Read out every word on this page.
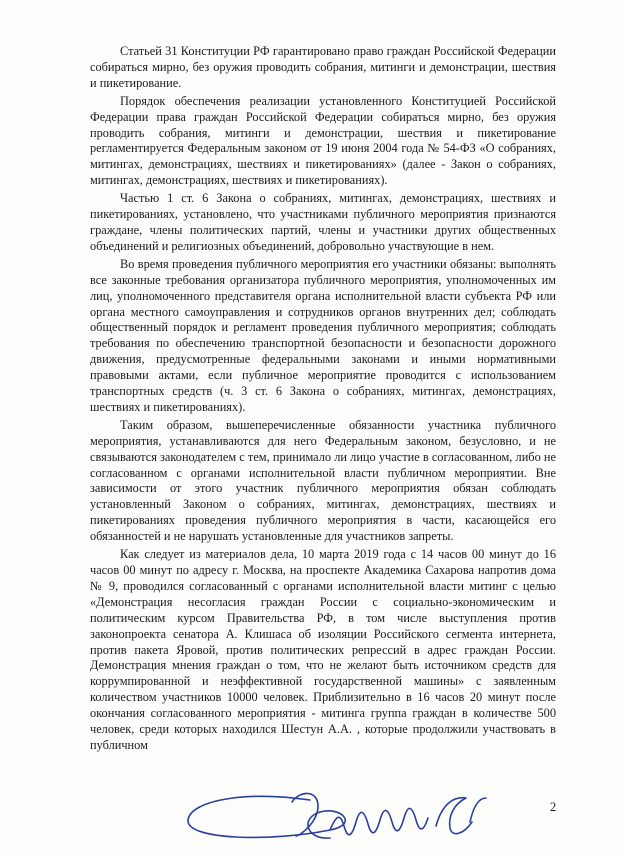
Статьей 31 Конституции РФ гарантировано право граждан Российской Федерации собираться мирно, без оружия проводить собрания, митинги и демонстрации, шествия и пикетирование.

Порядок обеспечения реализации установленного Конституцией Российской Федерации права граждан Российской Федерации собираться мирно, без оружия проводить собрания, митинги и демонстрации, шествия и пикетирование регламентируется Федеральным законом от 19 июня 2004 года № 54-ФЗ «О собраниях, митингах, демонстрациях, шествиях и пикетированиях» (далее - Закон о собраниях, митингах, демонстрациях, шествиях и пикетированиях).

Частью 1 ст. 6 Закона о собраниях, митингах, демонстрациях, шествиях и пикетированиях, установлено, что участниками публичного мероприятия признаются граждане, члены политических партий, члены и участники других общественных объединений и религиозных объединений, добровольно участвующие в нем.

Во время проведения публичного мероприятия его участники обязаны: выполнять все законные требования организатора публичного мероприятия, уполномоченных им лиц, уполномоченного представителя органа исполнительной власти субъекта РФ или органа местного самоуправления и сотрудников органов внутренних дел; соблюдать общественный порядок и регламент проведения публичного мероприятия; соблюдать требования по обеспечению транспортной безопасности и безопасности дорожного движения, предусмотренные федеральными законами и иными нормативными правовыми актами, если публичное мероприятие проводится с использованием транспортных средств (ч. 3 ст. 6 Закона о собраниях, митингах, демонстрациях, шествиях и пикетированиях).

Таким образом, вышеперечисленные обязанности участника публичного мероприятия, устанавливаются для него Федеральным законом, безусловно, и не связываются законодателем с тем, принимало ли лицо участие в согласованном, либо не согласованном с органами исполнительной власти публичном мероприятии. Вне зависимости от этого участник публичного мероприятия обязан соблюдать установленный Законом о собраниях, митингах, демонстрациях, шествиях и пикетированиях проведения публичного мероприятия в части, касающейся его обязанностей и не нарушать установленные для участников запреты.

Как следует из материалов дела, 10 марта 2019 года с 14 часов 00 минут до 16 часов 00 минут по адресу г. Москва, на проспекте Академика Сахарова напротив дома № 9, проводился согласованный с органами исполнительной власти митинг с целью «Демонстрация несогласия граждан России с социально-экономическим и политическим курсом Правительства РФ, в том числе выступления против законопроекта сенатора А. Клишаса об изоляции Российского сегмента интернета, против пакета Яровой, против политических репрессий в адрес граждан России. Демонстрация мнения граждан о том, что не желают быть источником средств для коррумпированной и неэффективной государственной машины» с заявленным количеством участников 10000 человек. Приблизительно в 16 часов 20 минут после окончания согласованного мероприятия - митинга группа граждан в количестве 500 человек, среди которых находился Шестун А.А. , которые продолжили участвовать в публичном

2
